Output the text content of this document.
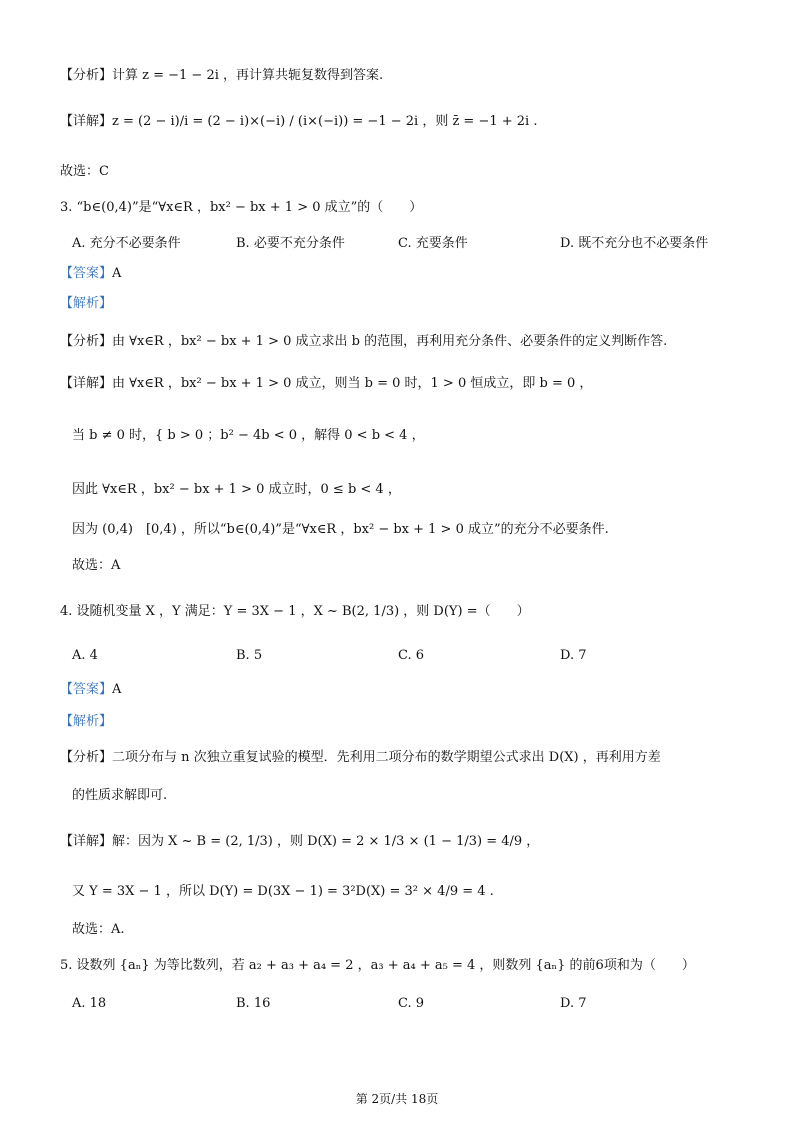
【分析】计算 z = −1 − 2i ，再计算共轭复数得到答案.
【详解】z = (2 − i)/i = (2 − i)×(−i) / (i×(−i)) = −1 − 2i ，则 z̄ = −1 + 2i .
故选：C
3. “b∈(0,4)”是“∀x∈R ，bx² − bx + 1 > 0 成立”的（　　）
A. 充分不必要条件	B. 必要不充分条件	C. 充要条件	D. 既不充分也不必要条件
【答案】A
【解析】
【分析】由 ∀x∈R ，bx² − bx + 1 > 0 成立求出 b 的范围，再利用充分条件、必要条件的定义判断作答.
【详解】由 ∀x∈R ，bx² − bx + 1 > 0 成立，则当 b = 0 时，1 > 0 恒成立，即 b = 0 ，
当 b ≠ 0 时，{ b > 0 ；b² − 4b < 0 ，解得 0 < b < 4 ，
因此 ∀x∈R ，bx² − bx + 1 > 0 成立时，0 ≤ b < 4 ，
因为 (0,4)　[0,4) ，所以“b∈(0,4)”是“∀x∈R ，bx² − bx + 1 > 0 成立”的充分不必要条件.
故选：A
4. 设随机变量 X ，Y 满足：Y = 3X − 1 ，X ~ B(2, 1/3) ，则 D(Y) =（　　）
A. 4	B. 5	C. 6	D. 7
【答案】A
【解析】
【分析】二项分布与 n 次独立重复试验的模型．先利用二项分布的数学期望公式求出 D(X) ，再利用方差
的性质求解即可.
【详解】解：因为 X ~ B = (2, 1/3) ，则 D(X) = 2 × 1/3 × (1 − 1/3) = 4/9 ，
又 Y = 3X − 1 ，所以 D(Y) = D(3X − 1) = 3²D(X) = 3² × 4/9 = 4 .
故选：A.
5. 设数列 {aₙ} 为等比数列，若 a₂ + a₃ + a₄ = 2 ，a₃ + a₄ + a₅ = 4 ，则数列 {aₙ} 的前6项和为（　　）
A. 18	B. 16	C. 9	D. 7
第 2页/共 18页
